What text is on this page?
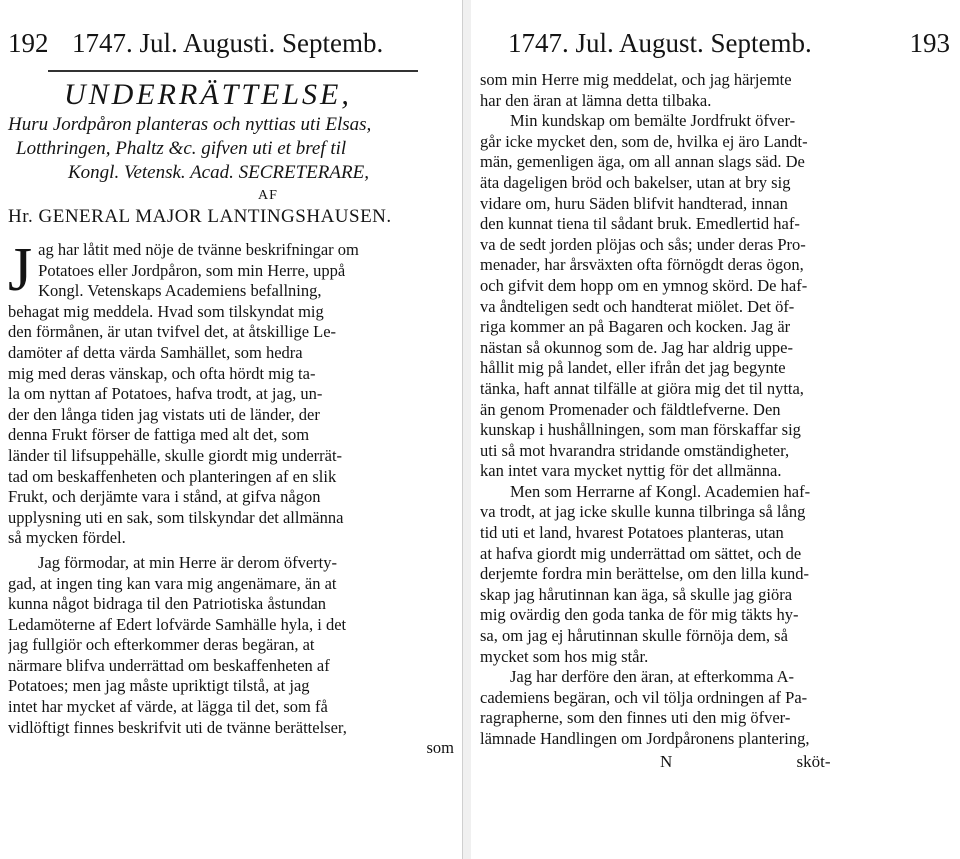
192 1747. Jul. Augusti. Septemb.
UNDERRÄTTELSE,
Huru Jordpåron planteras och nyttias uti Elsas,
Lotthringen, Phaltz &c. gifven uti et bref til
Kongl. Vetensk. Acad. SECRETERARE,
AF
Hr. GENERAL MAJOR LANTINGSHAUSEN.
J ag har låtit med nöje de tvänne beskrifningar om
Potatoes eller Jordpåron, som min Herre, uppå
Kongl. Vetenskaps Academiens befallning,
behagat mig meddela. Hvad som tilskyndat mig
den förmånen, är utan tvifvel det, at åtskillige Le-
damöter af detta värda Samhället, som hedra
mig med deras vänskap, och ofta hördt mig ta-
la om nyttan af Potatoes, hafva trodt, at jag, un-
der den långa tiden jag vistats uti de länder, der
denna Frukt förser de fattiga med alt det, som
länder til lifsuppehälle, skulle giordt mig underrät-
tad om beskaffenheten och planteringen af en slik
Frukt, och derjämte vara i stånd, at gifva någon
upplysning uti en sak, som tilskyndar det allmänna
så mycken fördel.
Jag förmodar, at min Herre är derom öfverty-
gad, at ingen ting kan vara mig angenämare, än at
kunna något bidraga til den Patriotiska åstundan
Ledamöterne af Edert lofvärde Samhälle hyla, i det
jag fullgiör och efterkommer deras begäran, at
närmare blifva underrättad om beskaffenheten af
Potatoes; men jag måste upriktigt tilstå, at jag
intet har mycket af värde, at lägga til det, som få
vidlöftigt finnes beskrifvit uti de tvänne berättelser,
som
1747. Jul. August. Septemb.	193
som min Herre mig meddelat, och jag härjemte
har den äran at lämna detta tilbaka.
Min kundskap om bemälte Jordfrukt öfver-
går icke mycket den, som de, hvilka ej äro Landt-
män, gemenligen äga, om all annan slags säd. De
äta dageligen bröd och bakelser, utan at bry sig
vidare om, huru Säden blifvit handterad, innan
den kunnat tiena til sådant bruk. Emedlertid haf-
va de sedt jorden plöjas och sås; under deras Pro-
menader, har årsväxten ofta förnögdt deras ögon,
och gifvit dem hopp om en ymnog skörd. De haf-
va åndteligen sedt och handterat miölet. Det öf-
riga kommer an på Bagaren och kocken. Jag är
nästan så okunnog som de. Jag har aldrig uppe-
hållit mig på landet, eller ifrån det jag begynte
tänka, haft annat tilfälle at giöra mig det til nytta,
än genom Promenader och fäldtlefverne. Den
kunskap i hushållningen, som man förskaffar sig
uti så mot hvarandra stridande omständigheter,
kan intet vara mycket nyttig för det allmänna.
Men som Herrarne af Kongl. Academien haf-
va trodt, at jag icke skulle kunna tilbringa så lång
tid uti et land, hvarest Potatoes planteras, utan
at hafva giordt mig underrättad om sättet, och de
derjemte fordra min berättelse, om den lilla kund-
skap jag hårutinnan kan äga, så skulle jag giöra
mig ovärdig den goda tanka de för mig täkts hy-
sa, om jag ej hårutinnan skulle förnöja dem, så
mycket som hos mig står.
Jag har derföre den äran, at efterkomma A-
cademiens begäran, och vil tölja ordningen af Pa-
ragrapherne, som den finnes uti den mig öfver-
lämnade Handlingen om Jordpåronens plantering,
N	sköt-
